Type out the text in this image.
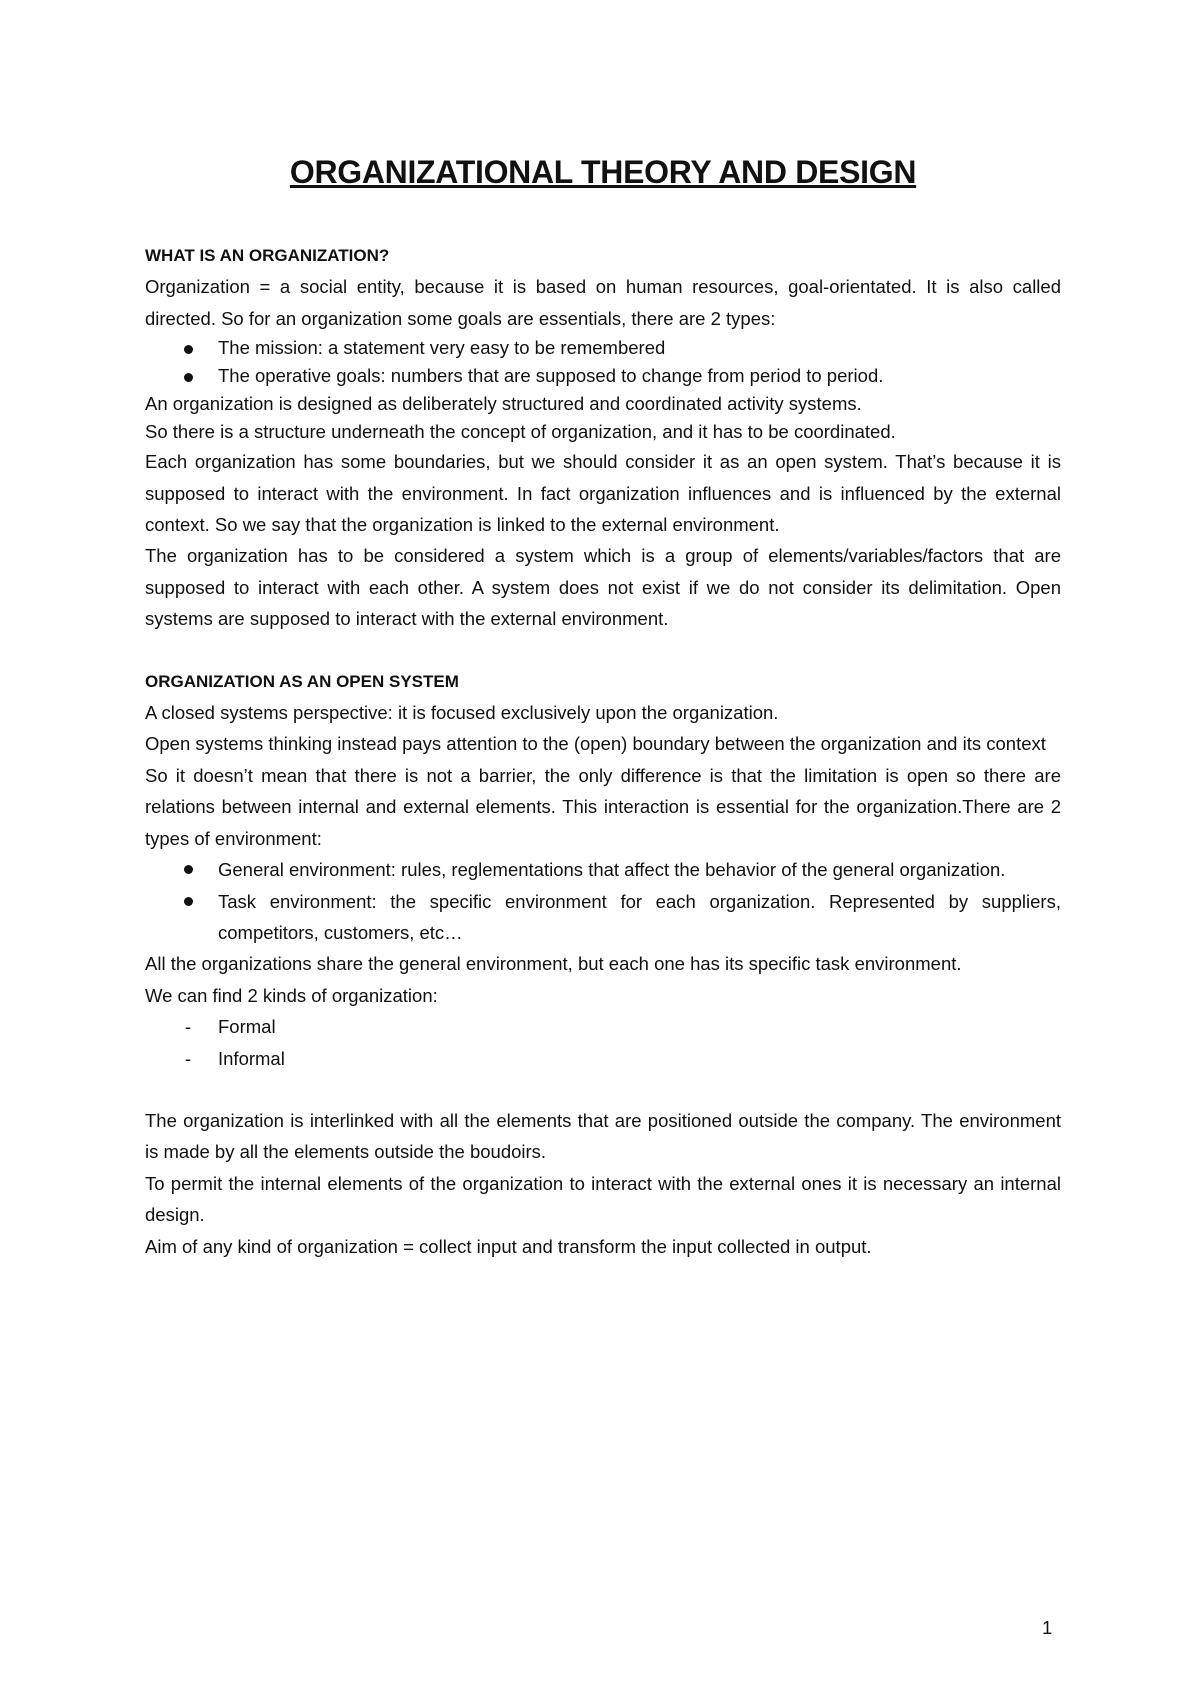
ORGANIZATIONAL THEORY AND DESIGN
WHAT IS AN ORGANIZATION?

Organization = a social entity, because it is based on human resources, goal-orientated. It is also called directed. So for an organization some goals are essentials, there are 2 types:

The mission: a statement very easy to be remembered
The operative goals: numbers that are supposed to change from period to period.

An organization is designed as deliberately structured and coordinated activity systems.

So there is a structure underneath the concept of organization, and it has to be coordinated.

Each organization has some boundaries, but we should consider it as an open system. That’s because it is supposed to interact with the environment. In fact organization influences and is influenced by the external context. So we say that the organization is linked to the external environment.

The organization has to be considered a system which is a group of elements/variables/factors that are supposed to interact with each other. A system does not exist if we do not consider its delimitation. Open systems are supposed to interact with the external environment.

ORGANIZATION AS AN OPEN SYSTEM

A closed systems perspective: it is focused exclusively upon the organization.

Open systems thinking instead pays attention to the (open) boundary between the organization and its context

So it doesn’t mean that there is not a barrier, the only difference is that the limitation is open so there are relations between internal and external elements. This interaction is essential for the organization.There are 2 types of environment:

General environment: rules, reglementations that affect the behavior of the general organization.
Task environment: the specific environment for each organization. Represented by suppliers, competitors, customers, etc…

All the organizations share the general environment, but each one has its specific task environment.

We can find 2 kinds of organization:

- Formal
- Informal

The organization is interlinked with all the elements that are positioned outside the company. The environment is made by all the elements outside the boudoirs.

To permit the internal elements of the organization to interact with the external ones it is necessary an internal design.

Aim of any kind of organization = collect input and transform the input collected in output.

1
